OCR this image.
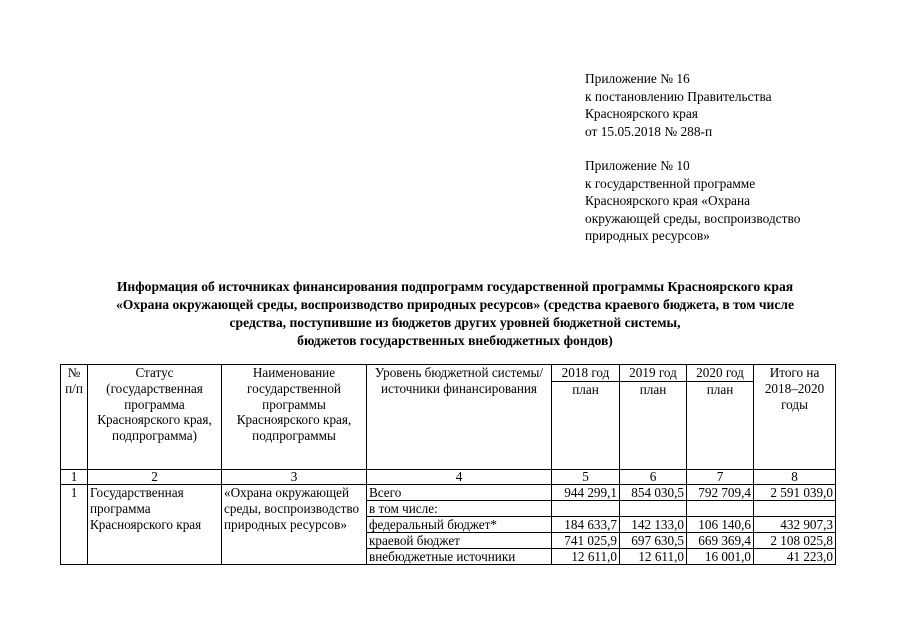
Приложение № 16
к постановлению Правительства
Красноярского края
от 15.05.2018 № 288-п
Приложение № 10
к государственной программе
Красноярского края «Охрана
окружающей среды, воспроизводство
природных ресурсов»
Информация об источниках финансирования подпрограмм государственной программы Красноярского края
«Охрана окружающей среды, воспроизводство природных ресурсов» (средства краевого бюджета, в том числе
средства, поступившие из бюджетов других уровней бюджетной системы,
бюджетов государственных внебюджетных фондов)
№ п/п	Статус (государственная программа Красноярского края, подпрограмма)	Наименование государственной программы Красноярского края, подпрограммы	Уровень бюджетной системы/источники финансирования	2018 год	2019 год	2020 год	Итого на 2018–2020 годы
				план	план	план	
1	2	3	4	5	6	7	8
1	Государственная программа Красноярского края	«Охрана окружающей среды, воспроизводство природных ресурсов»	Всего	944 299,1	854 030,5	792 709,4	2 591 039,0
			в том числе:				
			федеральный бюджет*	184 633,7	142 133,0	106 140,6	432 907,3
			краевой бюджет	741 025,9	697 630,5	669 369,4	2 108 025,8
			внебюджетные источники	12 611,0	12 611,0	16 001,0	41 223,0
